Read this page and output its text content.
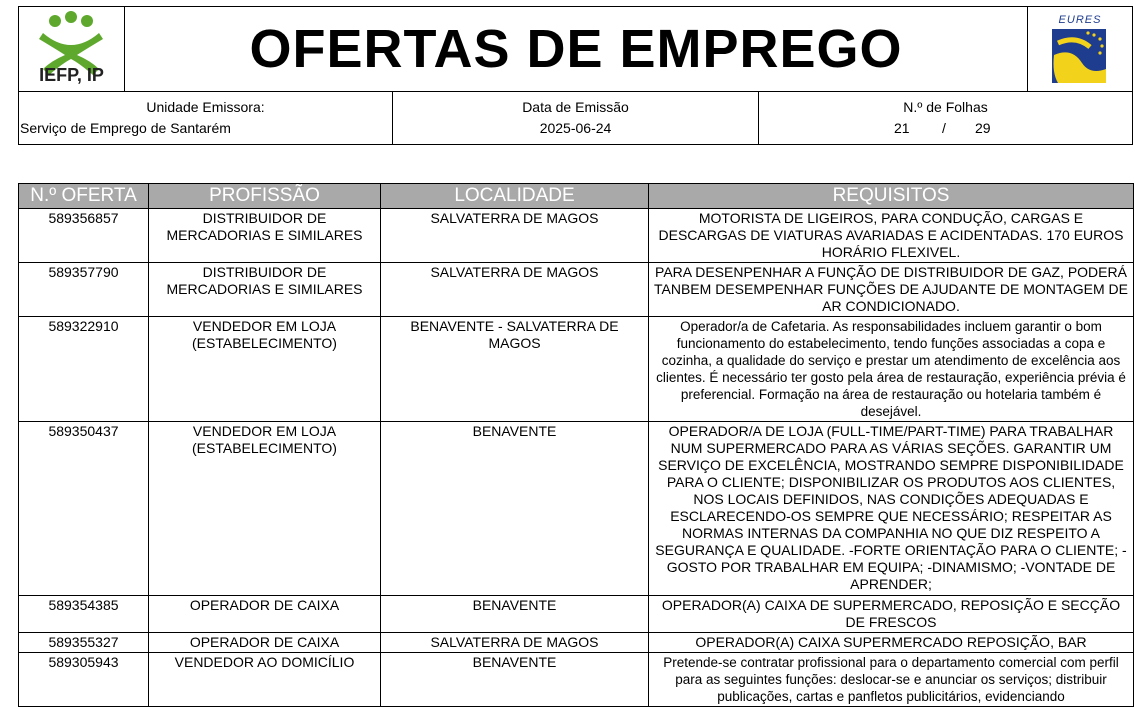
IEFP, IP	OFERTAS DE EMPREGO	EURES
Unidade Emissora:
Serviço de Emprego de Santarém
Data de Emissão
2025-06-24
N.º de Folhas
21 / 29
N.º OFERTA	PROFISSÃO	LOCALIDADE	REQUISITOS
589356857	DISTRIBUIDOR DE MERCADORIAS E SIMILARES	SALVATERRA DE MAGOS	MOTORISTA DE LIGEIROS, PARA CONDUÇÃO, CARGAS E DESCARGAS DE VIATURAS AVARIADAS E ACIDENTADAS. 170 EUROS HORÁRIO FLEXIVEL.
589357790	DISTRIBUIDOR DE MERCADORIAS E SIMILARES	SALVATERRA DE MAGOS	PARA DESENPENHAR A FUNÇÃO DE DISTRIBUIDOR DE GAZ, PODERÁ TANBEM DESEMPENHAR FUNÇÕES DE AJUDANTE DE MONTAGEM DE AR CONDICIONADO.
589322910	VENDEDOR EM LOJA (ESTABELECIMENTO)	BENAVENTE - SALVATERRA DE MAGOS	Operador/a de Cafetaria. As responsabilidades incluem garantir o bom funcionamento do estabelecimento, tendo funções associadas a copa e cozinha, a qualidade do serviço e prestar um atendimento de excelência aos clientes. É necessário ter gosto pela área de restauração, experiência prévia é preferencial. Formação na área de restauração ou hotelaria também é desejável.
589350437	VENDEDOR EM LOJA (ESTABELECIMENTO)	BENAVENTE	OPERADOR/A DE LOJA (FULL-TIME/PART-TIME) PARA TRABALHAR NUM SUPERMERCADO PARA AS VÁRIAS SEÇÕES. GARANTIR UM SERVIÇO DE EXCELÊNCIA, MOSTRANDO SEMPRE DISPONIBILIDADE PARA O CLIENTE; DISPONIBILIZAR OS PRODUTOS AOS CLIENTES, NOS LOCAIS DEFINIDOS, NAS CONDIÇÕES ADEQUADAS E ESCLARECENDO-OS SEMPRE QUE NECESSÁRIO; RESPEITAR AS NORMAS INTERNAS DA COMPANHIA NO QUE DIZ RESPEITO A SEGURANÇA E QUALIDADE. -FORTE ORIENTAÇÃO PARA O CLIENTE; -GOSTO POR TRABALHAR EM EQUIPA; -DINAMISMO; -VONTADE DE APRENDER;
589354385	OPERADOR DE CAIXA	BENAVENTE	OPERADOR(A) CAIXA DE SUPERMERCADO, REPOSIÇÃO E SECÇÃO DE FRESCOS
589355327	OPERADOR DE CAIXA	SALVATERRA DE MAGOS	OPERADOR(A) CAIXA SUPERMERCADO REPOSIÇÃO, BAR
589305943	VENDEDOR AO DOMICÍLIO	BENAVENTE	Pretende-se contratar profissional para o departamento comercial com perfil para as seguintes funções: deslocar-se e anunciar os serviços; distribuir publicações, cartas e panfletos publicitários, evidenciando
